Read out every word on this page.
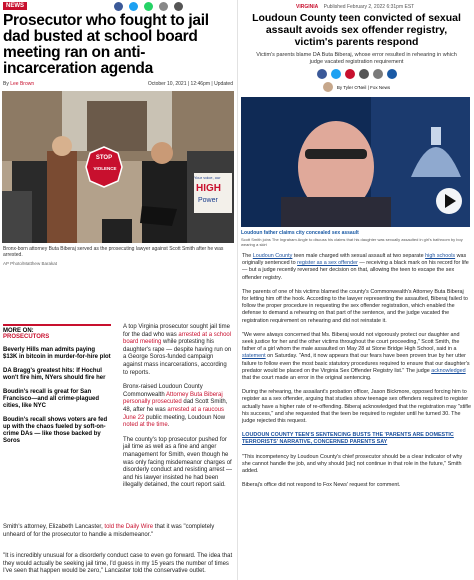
NEWS
Prosecutor who fought to jail dad busted at school board meeting ran on anti-incarceration agenda
By Lee Brown	October 10, 2021 | 12:46pm | Updated
STOP
VIOLENCE
Your voice, our
HIGH
Power
Bronx-born attorney Buta Biberaj served as the prosecuting lawyer against Scott Smith after he was arrested.
AP Photo/Matthew Barakat
MORE ON:
PROSECUTORS
Beverly Hills man admits paying $13K in bitcoin in murder-for-hire plot
DA Bragg's greatest hits: If Hochul won't fire him, NYers should fire her
Boudin's recall is great for San Francisco—and all crime-plagued cities, like NYC
Boudin's recall shows voters are fed up with the chaos fueled by soft-on-crime DAs — like those backed by Soros

A top Virginia prosecutor sought jail time for the dad who was arrested at a school board meeting while protesting his daughter's rape — despite having run on a George Soros-funded campaign against mass incarcerations, according to reports.

Bronx-raised Loudoun County Commonwealth Attorney Buta Biberaj personally prosecuted dad Scott Smith, 48, after he was arrested at a raucous June 22 public meeting, Loudoun Now noted at the time.

The county's top prosecutor pushed for jail time as well as a fine and anger management for Smith, even though he was only facing misdemeanor charges of disorderly conduct and resisting arrest — and his lawyer insisted he had been illegally detained, the court report said.

Smith's attorney, Elizabeth Lancaster, told the Daily Wire that it was "completely unheard of for the prosecutor to handle a misdemeanor."
"It is incredibly unusual for a disorderly conduct case to even go forward. The idea that they would actually be seeking jail time, I'd guess in my 15 years the number of times I've seen that happen would be zero," Lancaster told the conservative outlet.
VIRGINIA Published February 2, 2022 6:31pm EST
Loudoun County teen convicted of sexual assault avoids sex offender registry, victim's parents respond
Victim's parents blame DA Buta Biberaj, whose error resulted in rehearing in which judge vacated registration requirement
By Tyler O'Neil | Fox News
Loudoun father claims city concealed sex assault
Scott Smith joins The Ingraham Angle to discuss his claims that his daughter was sexually assaulted in girl's bathroom by boy wearing a skirt

The Loudoun County teen male charged with sexual assault at two separate high schools was originally sentenced to register as a sex offender — receiving a black mark on his record for life — but a judge recently reversed her decision on that, allowing the teen to escape the sex offender registry.

The parents of one of his victims blamed the county's Commonwealth's Attorney Buta Biberaj for letting him off the hook. According to the lawyer representing the assaulted, Biberaj failed to follow the proper procedure in requesting the sex offender registration, which enabled the defense to demand a rehearing on that part of the sentence, and the judge vacated the registration requirement on rehearing and did not reinstate it.

"We were always concerned that Ms. Biberaj would not vigorously protect our daughter and seek justice for her and the other victims throughout the court proceeding," Scott Smith, the father of a girl whom the male assaulted on May 28 at Stone Bridge High School, said in a statement on Saturday. "And, it now appears that our fears have been proven true by her utter failure to follow even the most basic statutory procedures required to ensure that our daughter's predator would be placed on the Virginia Sex Offender Registry list." The judge acknowledged that the court made an error in the original sentencing.

During the rehearing, the assailant's probation officer, Jason Bickmore, opposed forcing him to register as a sex offender, arguing that studies show teenage sex offenders required to register actually have a higher rate of re-offending. Biberaj acknowledged that the registration may "stifle his success," and she requested that the teen be required to register until he turned 30. The judge rejected this request.

LOUDOUN COUNTY TEEN'S SENTENCING BUSTS THE 'PARENTS ARE DOMESTIC TERRORISTS' NARRATIVE, CONCERNED PARENTS SAY

"This incompetency by Loudoun County's chief prosecutor should be a clear indicator of why she cannot handle the job, and why should [sic] not continue in that role in the future," Smith added.

Biberaj's office did not respond to Fox News' request for comment.
